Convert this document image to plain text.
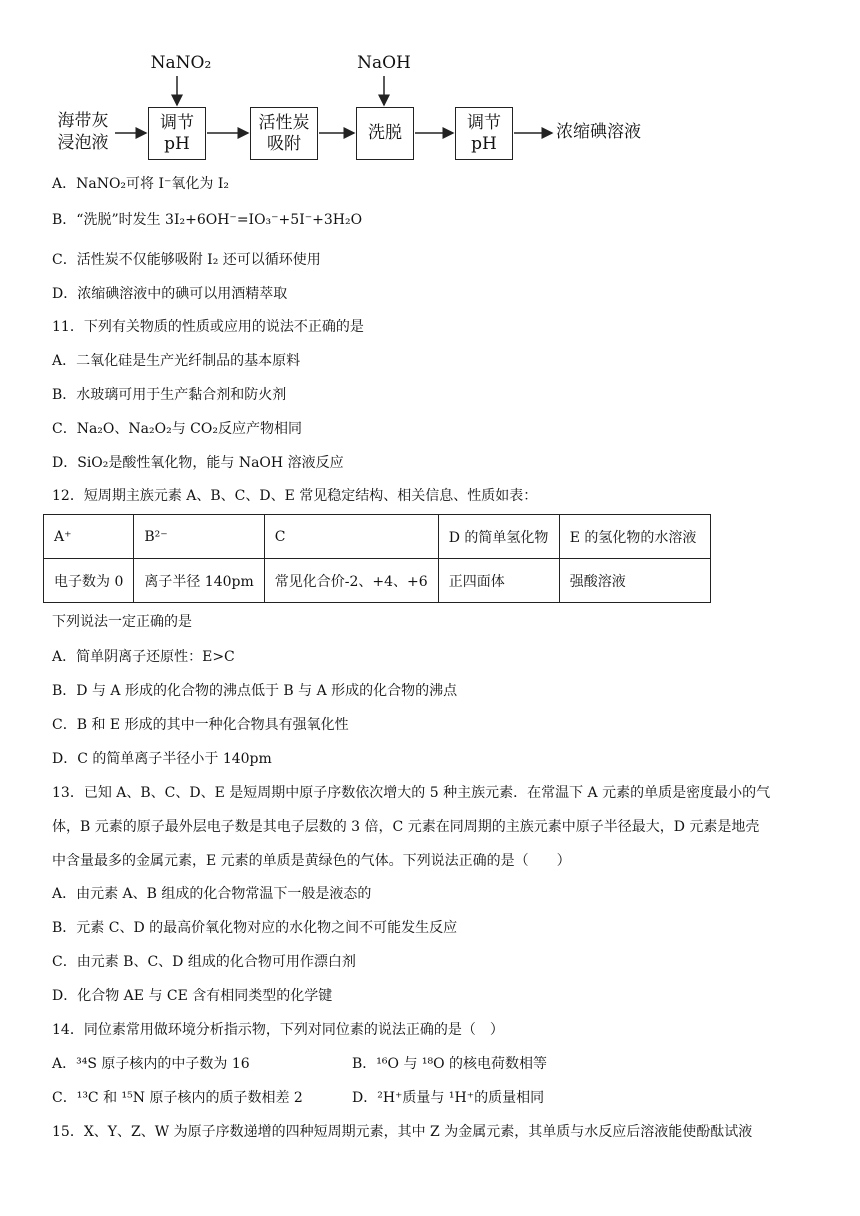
海带灰
浸泡液
NaNO₂	NaOH
调节
pH
活性炭
吸附
洗脱
调节
pH
浓缩碘溶液
A．NaNO₂可将 I⁻氧化为 I₂
B．“洗脱”时发生 3I₂+6OH⁻=IO₃⁻+5I⁻+3H₂O
C．活性炭不仅能够吸附 I₂ 还可以循环使用
D．浓缩碘溶液中的碘可以用酒精萃取
11．下列有关物质的性质或应用的说法不正确的是
A．二氧化硅是生产光纤制品的基本原料
B．水玻璃可用于生产黏合剂和防火剂
C．Na₂O、Na₂O₂与 CO₂反应产物相同
D．SiO₂是酸性氧化物，能与 NaOH 溶液反应
12．短周期主族元素 A、B、C、D、E 常见稳定结构、相关信息、性质如表：
A⁺	B²⁻	C	D 的简单氢化物	E 的氢化物的水溶液
电子数为 0	离子半径 140pm	常见化合价-2、+4、+6	正四面体	强酸溶液
下列说法一定正确的是
A．简单阴离子还原性：E>C
B．D 与 A 形成的化合物的沸点低于 B 与 A 形成的化合物的沸点
C．B 和 E 形成的其中一种化合物具有强氧化性
D．C 的简单离子半径小于 140pm
13．已知 A、B、C、D、E 是短周期中原子序数依次增大的 5 种主族元素．在常温下 A 元素的单质是密度最小的气
体，B 元素的原子最外层电子数是其电子层数的 3 倍，C 元素在同周期的主族元素中原子半径最大，D 元素是地壳
中含量最多的金属元素，E 元素的单质是黄绿色的气体。下列说法正确的是（　　）
A．由元素 A、B 组成的化合物常温下一般是液态的
B．元素 C、D 的最高价氧化物对应的水化物之间不可能发生反应
C．由元素 B、C、D 组成的化合物可用作漂白剂
D．化合物 AE 与 CE 含有相同类型的化学键
14．同位素常用做环境分析指示物，下列对同位素的说法正确的是（　）
A．³⁴S 原子核内的中子数为 16	B．¹⁶O 与 ¹⁸O 的核电荷数相等
C．¹³C 和 ¹⁵N 原子核内的质子数相差 2	D．²H⁺质量与 ¹H⁺的质量相同
15．X、Y、Z、W 为原子序数递增的四种短周期元素，其中 Z 为金属元素，其单质与水反应后溶液能使酚酞试液
